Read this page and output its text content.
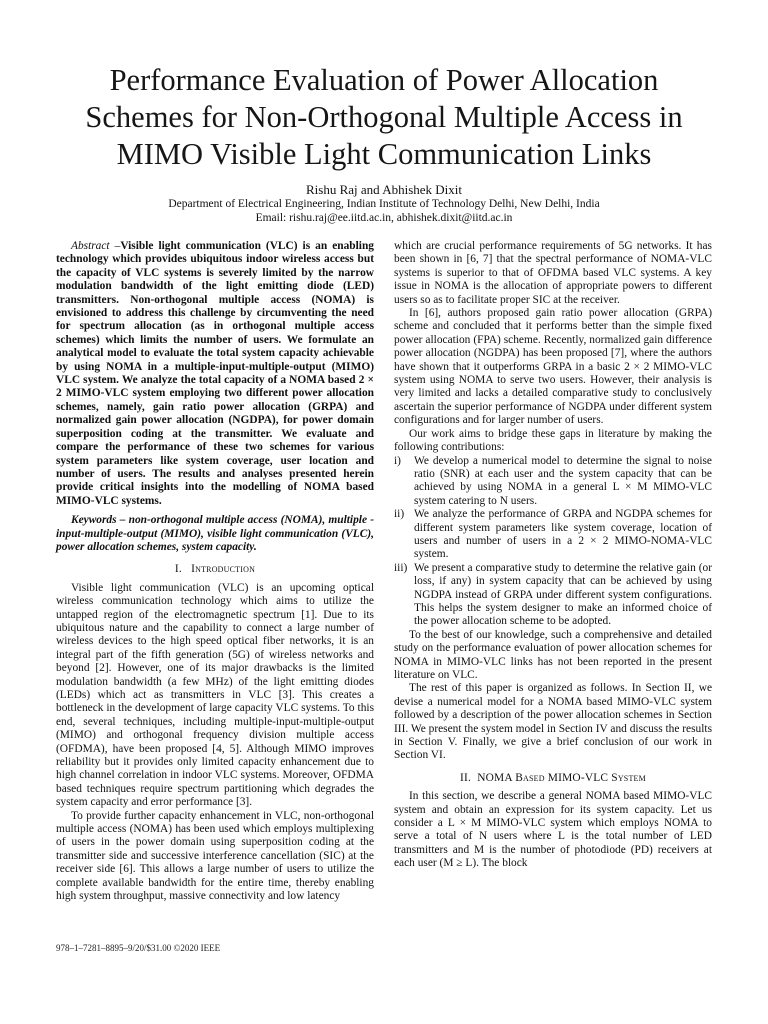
Performance Evaluation of Power Allocation Schemes for Non-Orthogonal Multiple Access in MIMO Visible Light Communication Links

Rishu Raj and Abhishek Dixit

Department of Electrical Engineering, Indian Institute of Technology Delhi, New Delhi, India

Email: rishu.raj@ee.iitd.ac.in, abhishek.dixit@iitd.ac.in

Abstract –Visible light communication (VLC) is an enabling technology which provides ubiquitous indoor wireless access but the capacity of VLC systems is severely limited by the narrow modulation bandwidth of the light emitting diode (LED) transmitters. Non-orthogonal multiple access (NOMA) is envisioned to address this challenge by circumventing the need for spectrum allocation (as in orthogonal multiple access schemes) which limits the number of users. We formulate an analytical model to evaluate the total system capacity achievable by using NOMA in a multiple-input-multiple-output (MIMO) VLC system. We analyze the total capacity of a NOMA based 2 × 2 MIMO-VLC system employing two different power allocation schemes, namely, gain ratio power allocation (GRPA) and normalized gain power allocation (NGDPA), for power domain superposition coding at the transmitter. We evaluate and compare the performance of these two schemes for various system parameters like system coverage, user location and number of users. The results and analyses presented herein provide critical insights into the modelling of NOMA based MIMO-VLC systems.

Keywords – non-orthogonal multiple access (NOMA), multiple -input-multiple-output (MIMO), visible light communication (VLC), power allocation schemes, system capacity.

I. Introduction

Visible light communication (VLC) is an upcoming optical wireless communication technology which aims to utilize the untapped region of the electromagnetic spectrum [1]. Due to its ubiquitous nature and the capability to connect a large number of wireless devices to the high speed optical fiber networks, it is an integral part of the fifth generation (5G) of wireless networks and beyond [2]. However, one of its major drawbacks is the limited modulation bandwidth (a few MHz) of the light emitting diodes (LEDs) which act as transmitters in VLC [3]. This creates a bottleneck in the development of large capacity VLC systems. To this end, several techniques, including multiple-input-multiple-output (MIMO) and orthogonal frequency division multiple access (OFDMA), have been proposed [4, 5]. Although MIMO improves reliability but it provides only limited capacity enhancement due to high channel correlation in indoor VLC systems. Moreover, OFDMA based techniques require spectrum partitioning which degrades the system capacity and error performance [3].

To provide further capacity enhancement in VLC, non-orthogonal multiple access (NOMA) has been used which employs multiplexing of users in the power domain using superposition coding at the transmitter side and successive interference cancellation (SIC) at the receiver side [6]. This allows a large number of users to utilize the complete available bandwidth for the entire time, thereby enabling high system throughput, massive connectivity and low latency

which are crucial performance requirements of 5G networks. It has been shown in [6, 7] that the spectral performance of NOMA-VLC systems is superior to that of OFDMA based VLC systems. A key issue in NOMA is the allocation of appropriate powers to different users so as to facilitate proper SIC at the receiver.

In [6], authors proposed gain ratio power allocation (GRPA) scheme and concluded that it performs better than the simple fixed power allocation (FPA) scheme. Recently, normalized gain difference power allocation (NGDPA) has been proposed [7], where the authors have shown that it outperforms GRPA in a basic 2 × 2 MIMO-VLC system using NOMA to serve two users. However, their analysis is very limited and lacks a detailed comparative study to conclusively ascertain the superior performance of NGDPA under different system configurations and for larger number of users.

Our work aims to bridge these gaps in literature by making the following contributions:

i) We develop a numerical model to determine the signal to noise ratio (SNR) at each user and the system capacity that can be achieved by using NOMA in a general L × M MIMO-VLC system catering to N users.
ii) We analyze the performance of GRPA and NGDPA schemes for different system parameters like system coverage, location of users and number of users in a 2 × 2 MIMO-NOMA-VLC system.
iii) We present a comparative study to determine the relative gain (or loss, if any) in system capacity that can be achieved by using NGDPA instead of GRPA under different system configurations. This helps the system designer to make an informed choice of the power allocation scheme to be adopted.

To the best of our knowledge, such a comprehensive and detailed study on the performance evaluation of power allocation schemes for NOMA in MIMO-VLC links has not been reported in the present literature on VLC.

The rest of this paper is organized as follows. In Section II, we devise a numerical model for a NOMA based MIMO-VLC system followed by a description of the power allocation schemes in Section III. We present the system model in Section IV and discuss the results in Section V. Finally, we give a brief conclusion of our work in Section VI.

II. NOMA Based MIMO-VLC System

In this section, we describe a general NOMA based MIMO-VLC system and obtain an expression for its system capacity. Let us consider a L × M MIMO-VLC system which employs NOMA to serve a total of N users where L is the total number of LED transmitters and M is the number of photodiode (PD) receivers at each user (M ≥ L). The block

978–1–7281–8895–9/20/$31.00 ©2020 IEEE
